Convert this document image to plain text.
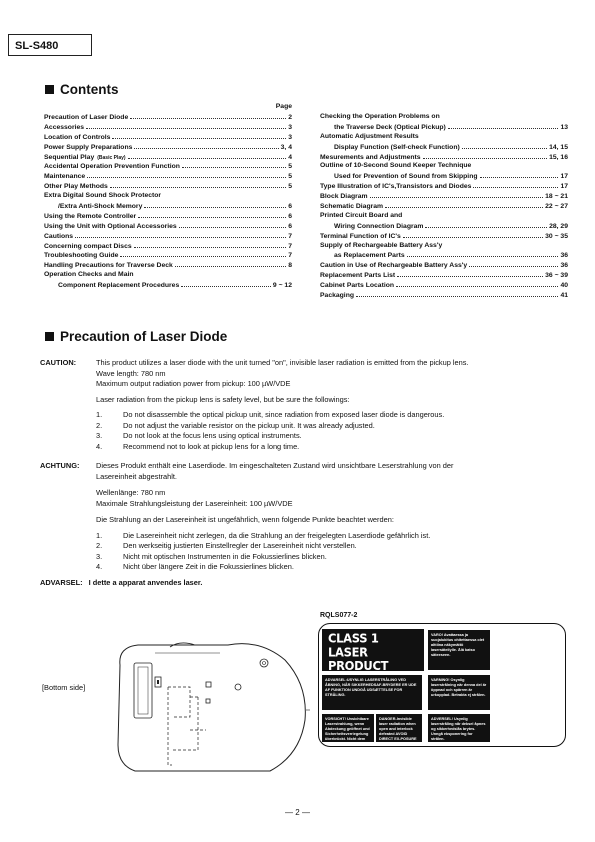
SL-S480
Contents
Page
Precaution of Laser Diode	2
Accessories	3
Location of Controls	3
Power Supply Preparations	3, 4
Sequential Play (Basic Play)	4
Accidental Operation Prevention Function	5
Maintenance	5
Other Play Methods	5
Extra Digital Sound Shock Protector
/Extra Anti-Shock Memory	6
Using the Remote Controller	6
Using the Unit with Optional Accessories	6
Cautions	7
Concerning compact Discs	7
Troubleshooting Guide	7
Handling Precautions for Traverse Deck	8
Operation Checks and Main
Component Replacement Procedures	9 ~ 12
Checking the Operation Problems on
the Traverse Deck (Optical Pickup)	13
Automatic Adjustment Results
Display Function (Self-check Function)	14, 15
Mesurements and Adjustments	15, 16
Outline of 10-Second Sound Keeper Technique
Used for Prevention of Sound from Skipping	17
Type Illustration of IC's,Transistors and Diodes	17
Block Diagram	18 ~ 21
Schematic Diagram	22 ~ 27
Printed Circuit Board and
Wiring Connection Diagram	28, 29
Terminal Function of IC's	30 ~ 35
Supply of Rechargeable Battery Ass'y
as Replacement Parts	36
Caution in Use of Rechargeable Battery Ass'y	36
Replacement Parts List	36 ~ 39
Cabinet Parts Location	40
Packaging	41
Precaution of Laser Diode
CAUTION:	This product utilizes a laser diode with the unit turned "on", invisible laser radiation is emitted from the pickup lens.
Wave length: 780 nm
Maximum output radiation power from pickup: 100 µW/VDE
Laser radiation from the pickup lens is safety level, but be sure the followings:
1.	Do not disassemble the optical pickup unit, since radiation from exposed laser diode is dangerous.
2.	Do not adjust the variable resistor on the pickup unit. It was already adjusted.
3.	Do not look at the focus lens using optical instruments.
4.	Recommend not to look at pickup lens for a long time.
ACHTUNG: Dieses Produkt enthält eine Laserdiode. Im eingeschalteten Zustand wird unsichtbare Leserstrahlung von der
Lasereinheit abgestrahlt.
Wellenlänge: 780 nm
Maximale Strahlungsleistung der Lasereinheit: 100 µW/VDE
Die Strahlung an der Lasereinheit ist ungefährlich, wenn folgende Punkte beachtet werden:
1.	Die Lasereinheit nicht zerlegen, da die Strahlung an der freigelegten Laserdiode gefährlich ist.
2.	Den werkseitig justierten Einstellregler der Lasereinheit nicht verstellen.
3.	Nicht mit optischen Instrumenten in die Fokussierlines blicken.
4.	Nicht über längere Zeit in die Fokussierlines blicken.
ADVARSEL: I dette a apparat anvendes laser.
[Bottom side]
RQLS077-2
CLASS 1
LASER PRODUCT
VARO! Avattaessa ja suojalukitus ohitettaessa olet alttiina näkymättö lasersäteilylle. Älä katso säteeseen.
ADVARSEL:USYNLIG LASERSTRÅLING VED ÅBNING, NÅR SIKKERHEDSAF-BRYDERE ER UDE AF FUNKTION UNDGÅ UDSÆTTELSE FOR STRÅLING.
VARNING! Osynlig laserstrålning när denna del är öppnad och spärren är urkopplad. Betrakta ej strålen.
VORSICHT! Unsichtbare Laserstrahlung, wenn Abdeckung geöffnet und Sicherheitsverriegelung überbrückt. Nicht dem Strahl aussetzen.
DANGER-Invisible laser radiation when open and interlock defeated AVOID DIRECT EX-POSURE TO BEAM.
ADVERSEL! Usynlig laserstråling når deksel åpnes og sikkerhedslås brytes. Unngå eksponering for strålen.
RQLS077-2
— 2 —
